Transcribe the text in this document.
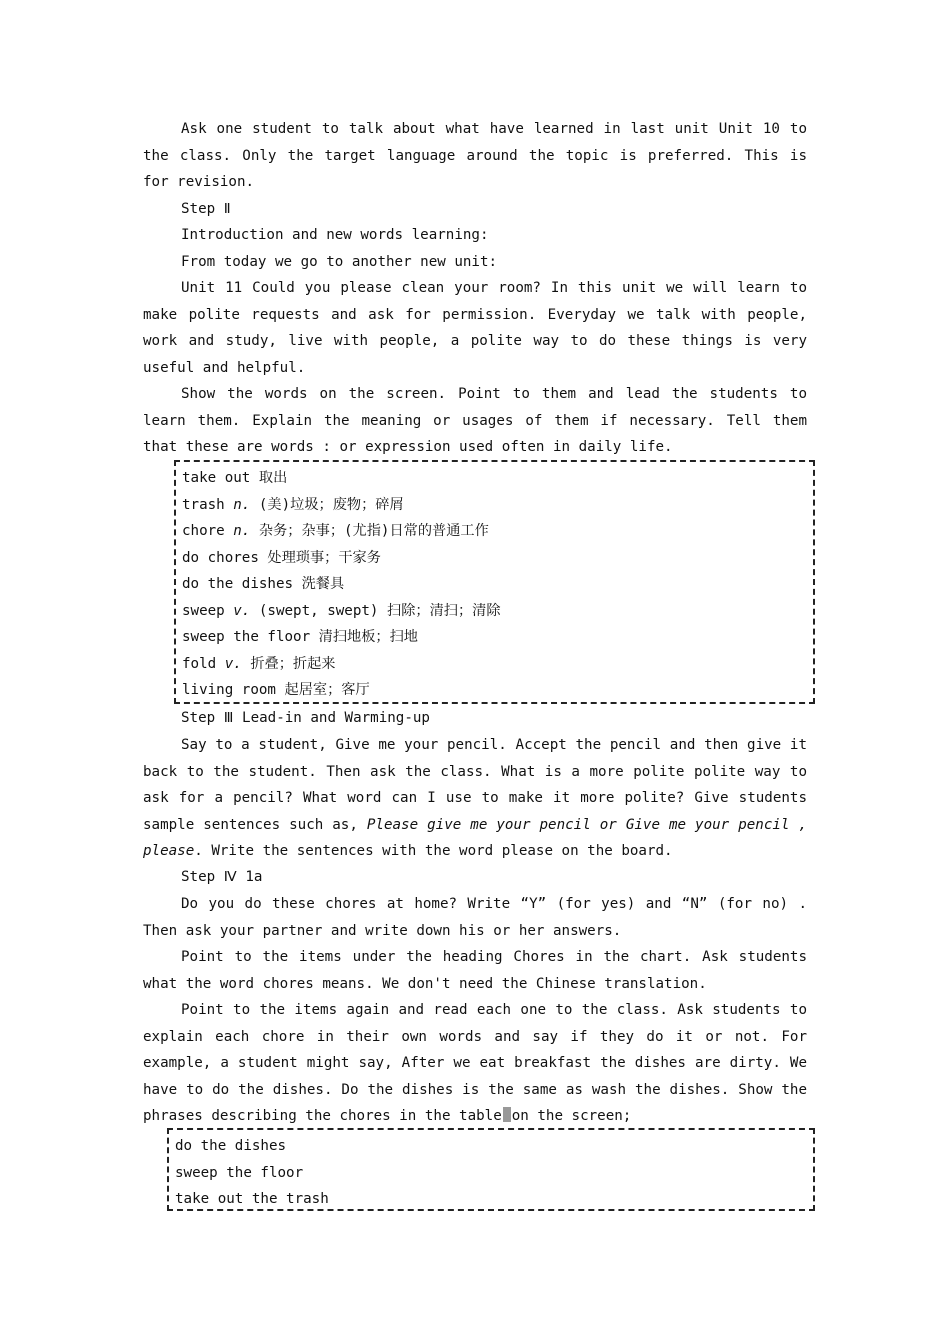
Ask one student to talk about what have learned in last unit Unit 10 to the class. Only the target language around the topic is preferred. This is for revision.
Step Ⅱ
Introduction and new words learning:
From today we go to another new unit:
Unit 11 Could you please clean your room? In this unit we will learn to make polite requests and ask for permission. Everyday we talk with people, work and study, live with people, a polite way to do these things is very useful and helpful.
Show the words on the screen. Point to them and lead the students to learn them. Explain the meaning or usages of them if necessary. Tell them that these are words : or expression used often in daily life.
take out 取出
trash n. (美)垃圾；废物；碎屑
chore n. 杂务；杂事；(尤指)日常的普通工作
do chores 处理琐事；干家务
do the dishes 洗餐具
sweep v. (swept, swept) 扫除；清扫；清除
sweep the floor 清扫地板；扫地
fold v. 折叠；折起来
living room 起居室；客厅
Step Ⅲ Lead-in and Warming-up
Say to a student, Give me your pencil. Accept the pencil and then give it back to the student. Then ask the class. What is a more polite polite way to ask for a pencil? What word can I use to make it more polite? Give students sample sentences such as, Please give me your pencil or Give me your pencil , please. Write the sentences with the word please on the board.
Step Ⅳ 1a
Do you do these chores at home? Write “Y” (for yes) and “N” (for no) . Then ask your partner and write down his or her answers.
Point to the items under the heading Chores in the chart. Ask students what the word chores means. We don't need the Chinese translation.
Point to the items again and read each one to the class. Ask students to explain each chore in their own words and say if they do it or not. For example, a student might say, After we eat breakfast the dishes are dirty. We have to do the dishes. Do the dishes is the same as wash the dishes. Show the phrases describing the chores in the table on the screen;
do the dishes
sweep the floor
take out the trash
